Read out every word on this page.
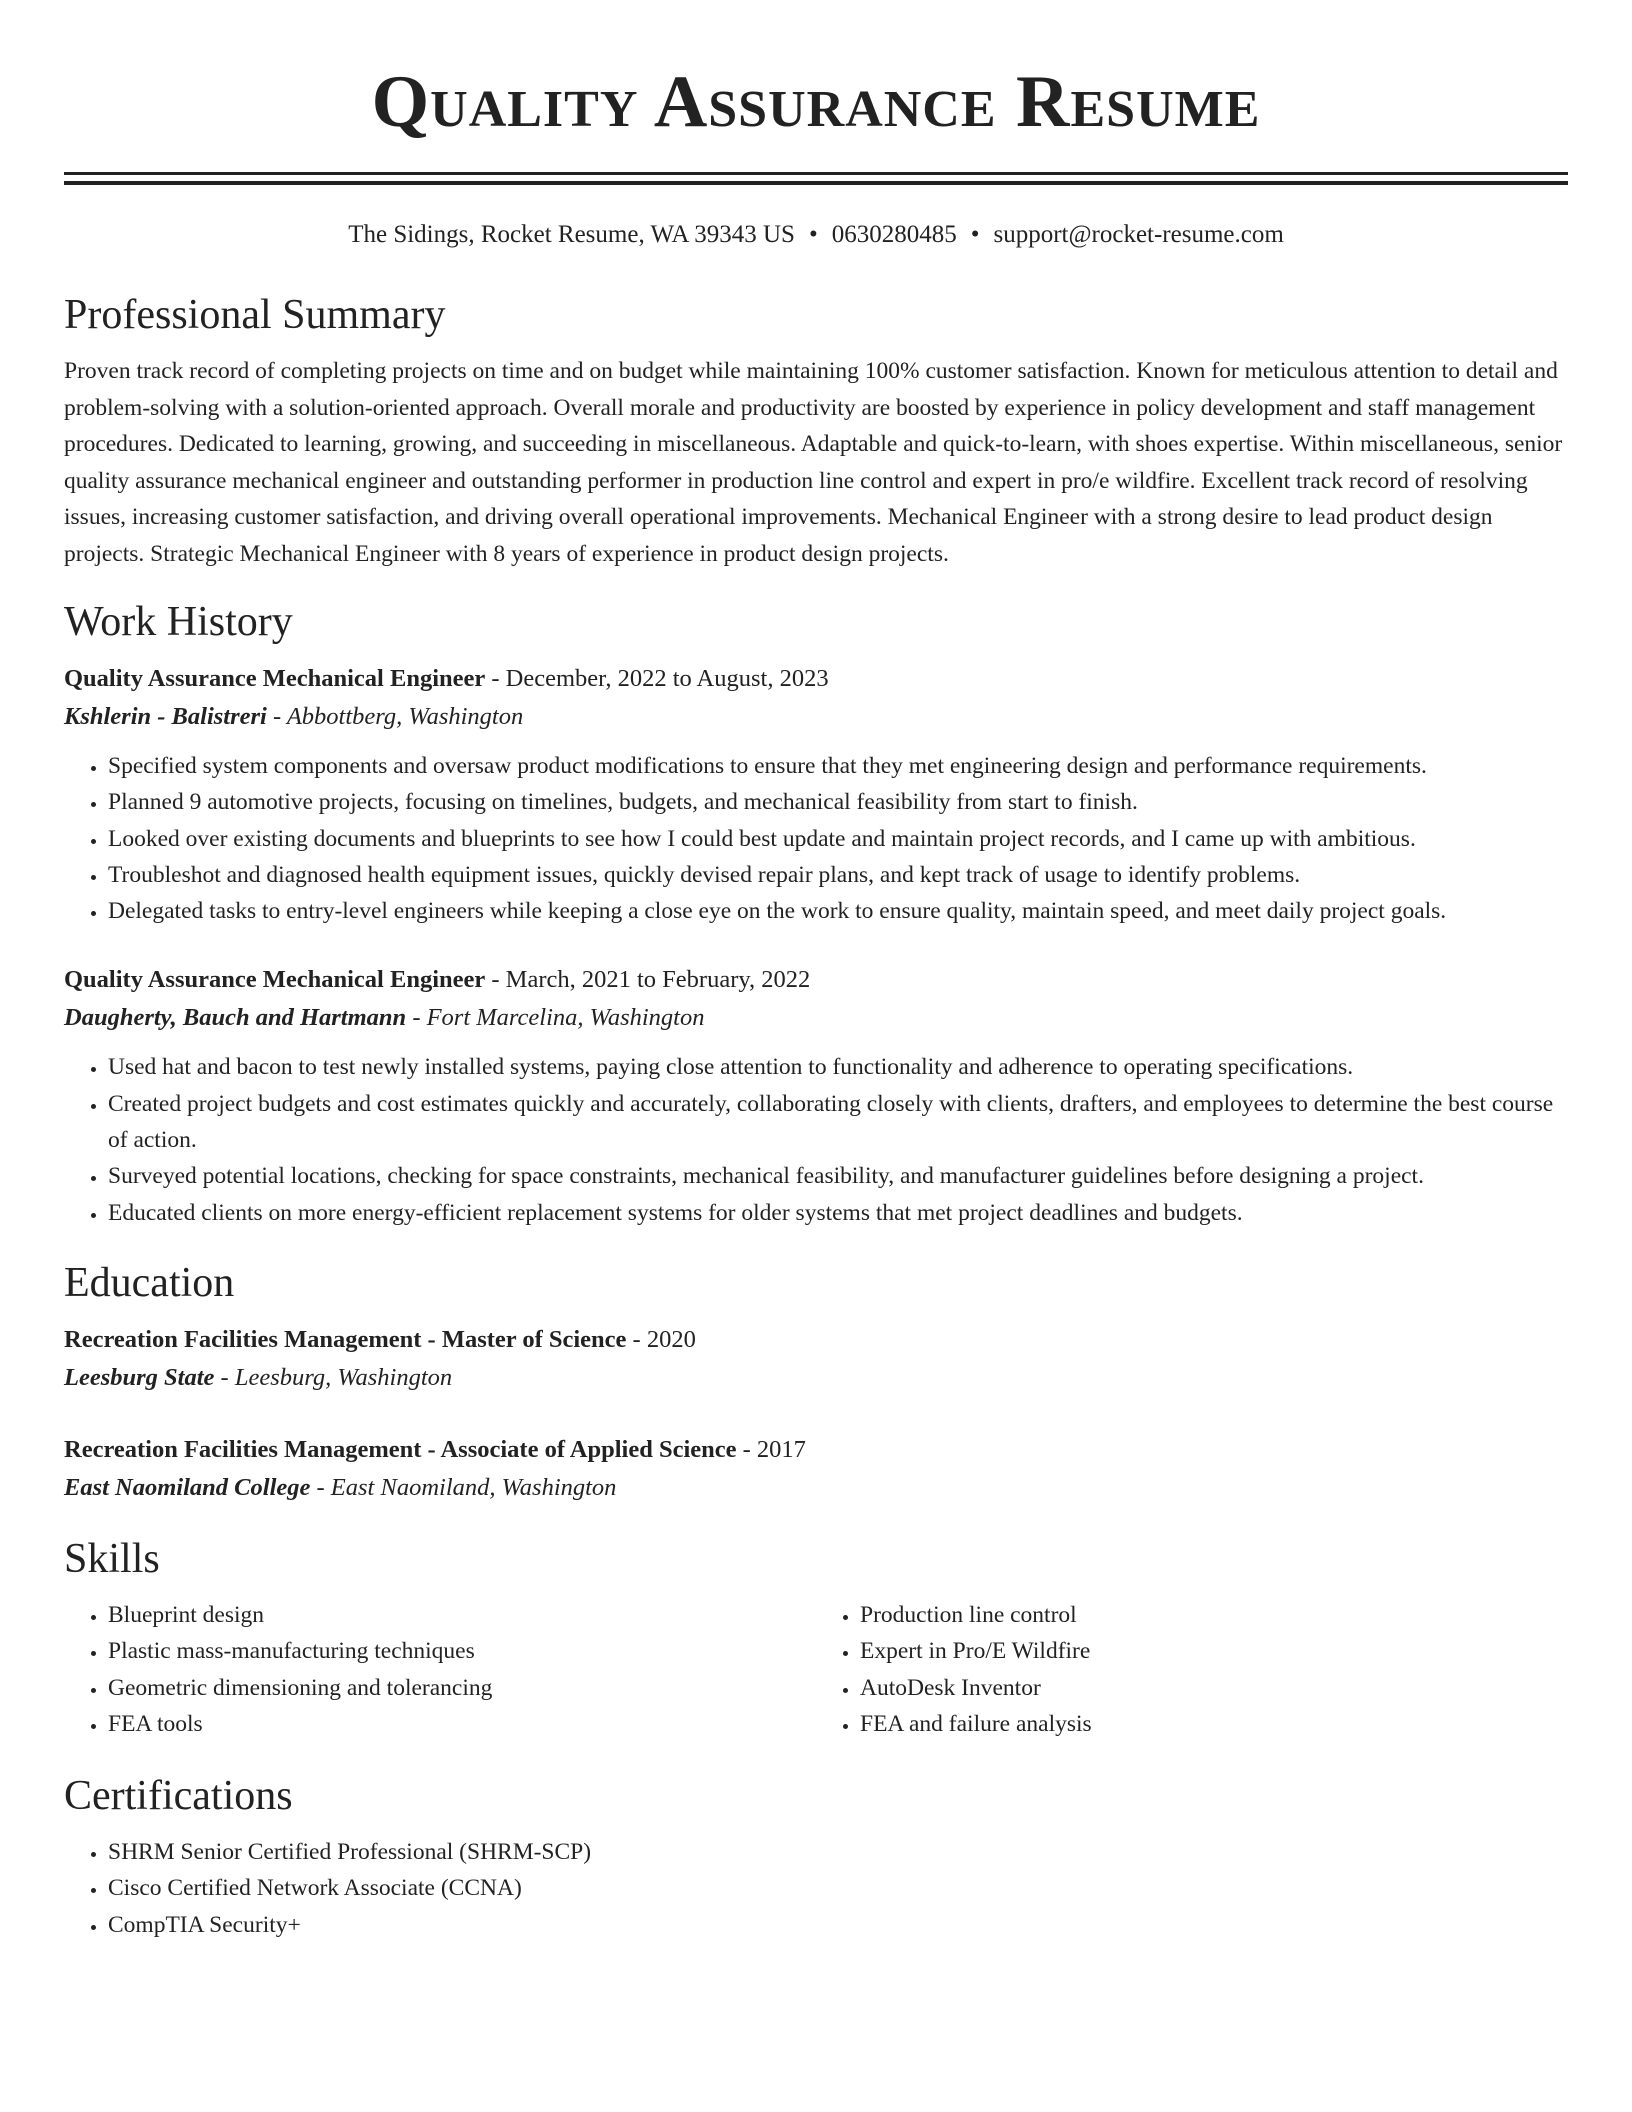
Quality Assurance Resume
The Sidings, Rocket Resume, WA 39343 US • 0630280485 • support@rocket-resume.com
Professional Summary

Proven track record of completing projects on time and on budget while maintaining 100% customer satisfaction. Known for meticulous attention to detail and problem-solving with a solution-oriented approach. Overall morale and productivity are boosted by experience in policy development and staff management procedures. Dedicated to learning, growing, and succeeding in miscellaneous. Adaptable and quick-to-learn, with shoes expertise. Within miscellaneous, senior quality assurance mechanical engineer and outstanding performer in production line control and expert in pro/e wildfire. Excellent track record of resolving issues, increasing customer satisfaction, and driving overall operational improvements. Mechanical Engineer with a strong desire to lead product design projects. Strategic Mechanical Engineer with 8 years of experience in product design projects.

Work History
Quality Assurance Mechanical Engineer - December, 2022 to August, 2023
Kshlerin - Balistreri - Abbottberg, Washington
• Specified system components and oversaw product modifications to ensure that they met engineering design and performance requirements.
• Planned 9 automotive projects, focusing on timelines, budgets, and mechanical feasibility from start to finish.
• Looked over existing documents and blueprints to see how I could best update and maintain project records, and I came up with ambitious.
• Troubleshot and diagnosed health equipment issues, quickly devised repair plans, and kept track of usage to identify problems.
• Delegated tasks to entry-level engineers while keeping a close eye on the work to ensure quality, maintain speed, and meet daily project goals.
Quality Assurance Mechanical Engineer - March, 2021 to February, 2022
Daugherty, Bauch and Hartmann - Fort Marcelina, Washington
• Used hat and bacon to test newly installed systems, paying close attention to functionality and adherence to operating specifications.
• Created project budgets and cost estimates quickly and accurately, collaborating closely with clients, drafters, and employees to determine the best course of action.
• Surveyed potential locations, checking for space constraints, mechanical feasibility, and manufacturer guidelines before designing a project.
• Educated clients on more energy-efficient replacement systems for older systems that met project deadlines and budgets.
Education
Recreation Facilities Management - Master of Science - 2020
Leesburg State - Leesburg, Washington
Recreation Facilities Management - Associate of Applied Science - 2017
East Naomiland College - East Naomiland, Washington
Skills
• Blueprint design
• Plastic mass-manufacturing techniques
• Geometric dimensioning and tolerancing
• FEA tools
• Production line control
• Expert in Pro/E Wildfire
• AutoDesk Inventor
• FEA and failure analysis
Certifications
• SHRM Senior Certified Professional (SHRM-SCP)
• Cisco Certified Network Associate (CCNA)
• CompTIA Security+
